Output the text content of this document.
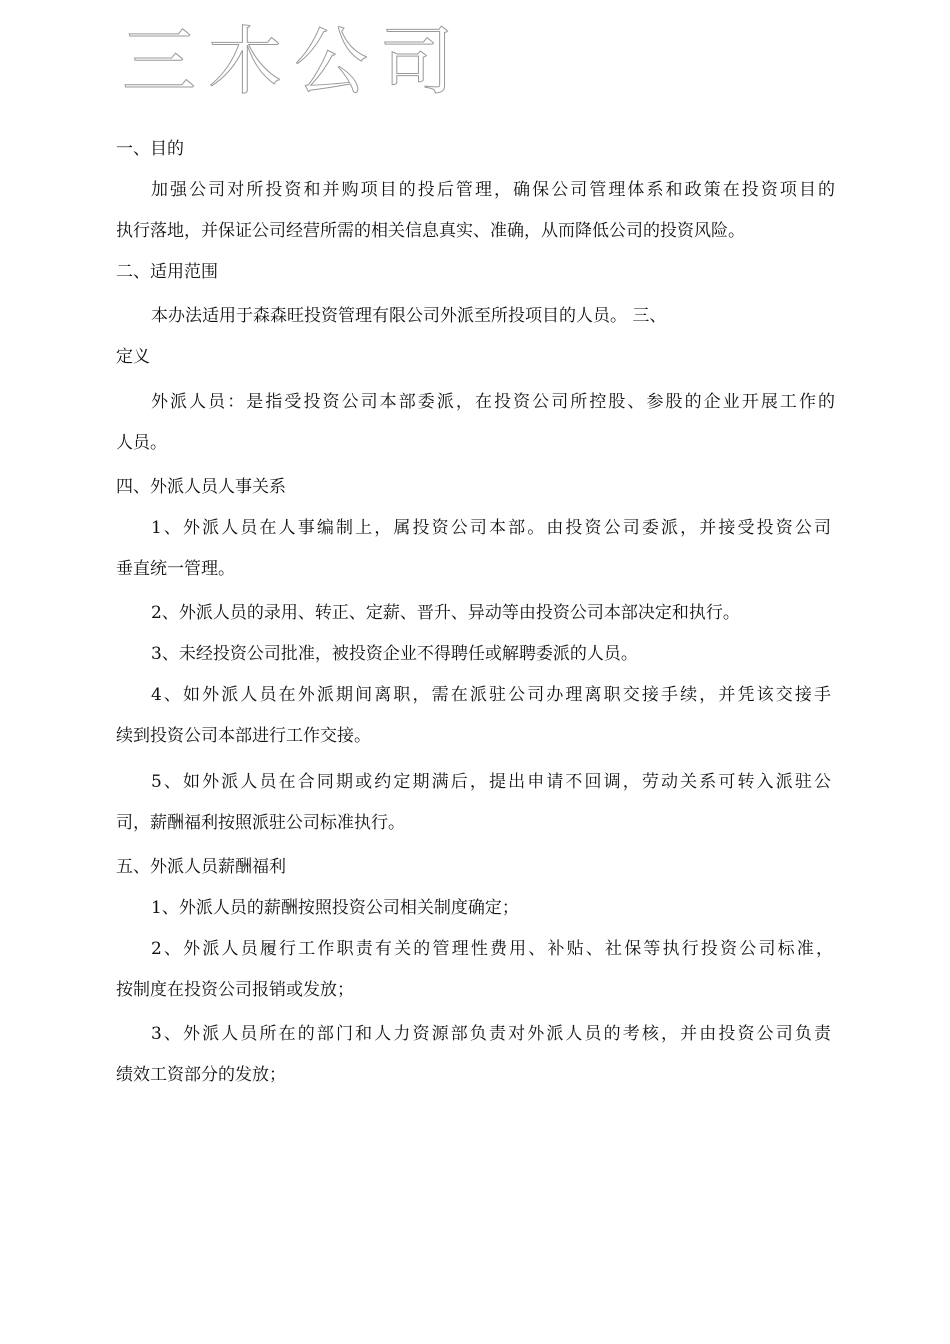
三木公司
一、目的
加强公司对所投资和并购项目的投后管理，确保公司管理体系和政策在投资项目的
执行落地，并保证公司经营所需的相关信息真实、准确，从而降低公司的投资风险。
二、适用范围
本办法适用于森森旺投资管理有限公司外派至所投项目的人员。 三、
定义
外派人员：是指受投资公司本部委派，在投资公司所控股、参股的企业开展工作的
人员。
四、外派人员人事关系
1、外派人员在人事编制上，属投资公司本部。由投资公司委派，并接受投资公司
垂直统一管理。
2、外派人员的录用、转正、定薪、晋升、异动等由投资公司本部决定和执行。
3、未经投资公司批准，被投资企业不得聘任或解聘委派的人员。
4、如外派人员在外派期间离职，需在派驻公司办理离职交接手续，并凭该交接手
续到投资公司本部进行工作交接。
5、如外派人员在合同期或约定期满后，提出申请不回调，劳动关系可转入派驻公
司，薪酬福利按照派驻公司标准执行。
五、外派人员薪酬福利
1、外派人员的薪酬按照投资公司相关制度确定；
2、外派人员履行工作职责有关的管理性费用、补贴、社保等执行投资公司标准，
按制度在投资公司报销或发放；
3、外派人员所在的部门和人力资源部负责对外派人员的考核，并由投资公司负责
绩效工资部分的发放；
